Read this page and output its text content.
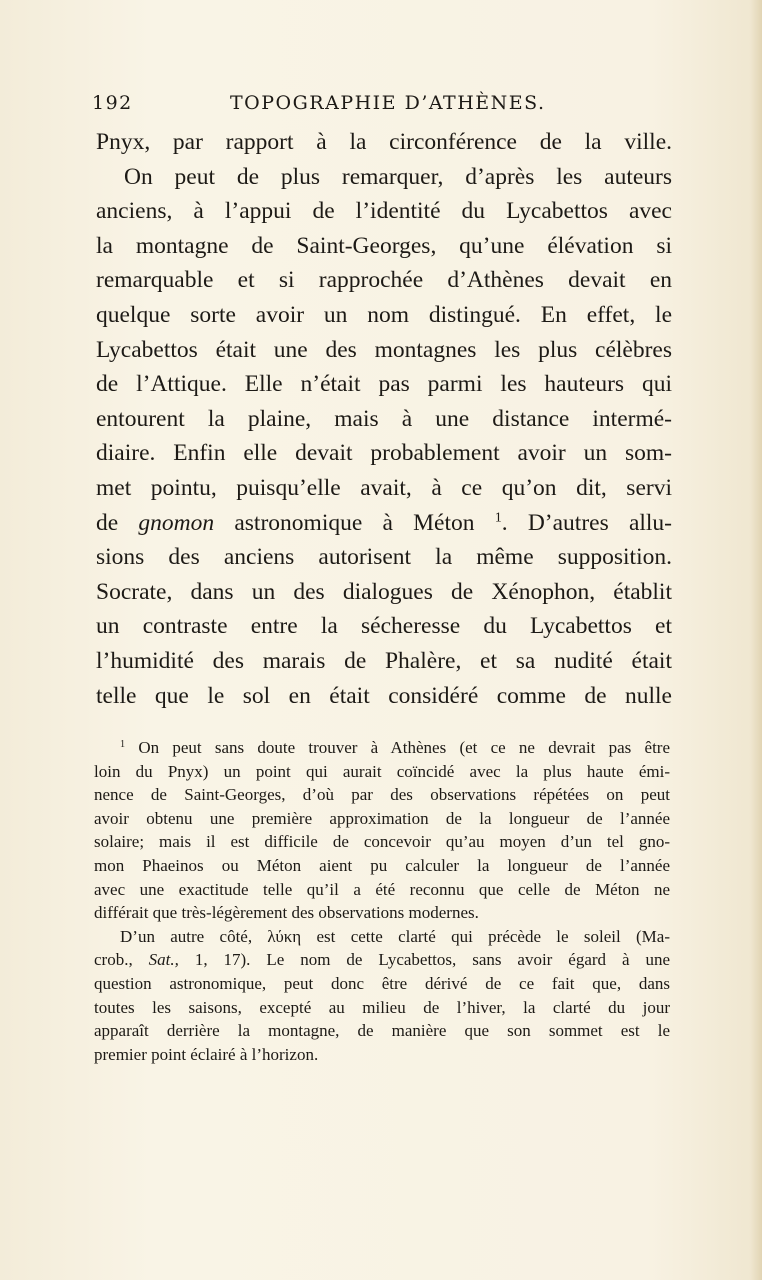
192	TOPOGRAPHIE D’ATHÈNES.
Pnyx, par rapport à la circonférence de la ville.
On peut de plus remarquer, d’après les auteurs
anciens, à l’appui de l’identité du Lycabettos avec
la montagne de Saint-Georges, qu’une élévation si
remarquable et si rapprochée d’Athènes devait en
quelque sorte avoir un nom distingué. En effet, le
Lycabettos était une des montagnes les plus célèbres
de l’Attique. Elle n’était pas parmi les hauteurs qui
entourent la plaine, mais à une distance intermé-
diaire. Enfin elle devait probablement avoir un som-
met pointu, puisqu’elle avait, à ce qu’on dit, servi
de gnomon astronomique à Méton $^1$. D’autres allu-
sions des anciens autorisent la même supposition.
Socrate, dans un des dialogues de Xénophon, établit
un contraste entre la sécheresse du Lycabettos et
l’humidité des marais de Phalère, et sa nudité était
telle que le sol en était considéré comme de nulle
$^1$ On peut sans doute trouver à Athènes (et ce ne devrait pas être
loin du Pnyx) un point qui aurait coïncidé avec la plus haute émi-
nence de Saint-Georges, d’où par des observations répétées on peut
avoir obtenu une première approximation de la longueur de l’année
solaire; mais il est difficile de concevoir qu’au moyen d’un tel gno-
mon Phaeinos ou Méton aient pu calculer la longueur de l’année
avec une exactitude telle qu’il a été reconnu que celle de Méton ne
différait que très-légèrement des observations modernes.
D’un autre côté, λύκη est cette clarté qui précède le soleil (Ma-
crob., Sat., 1, 17). Le nom de Lycabettos, sans avoir égard à une
question astronomique, peut donc être dérivé de ce fait que, dans
toutes les saisons, excepté au milieu de l’hiver, la clarté du jour
apparaît derrière la montagne, de manière que son sommet est le
premier point éclairé à l’horizon.
